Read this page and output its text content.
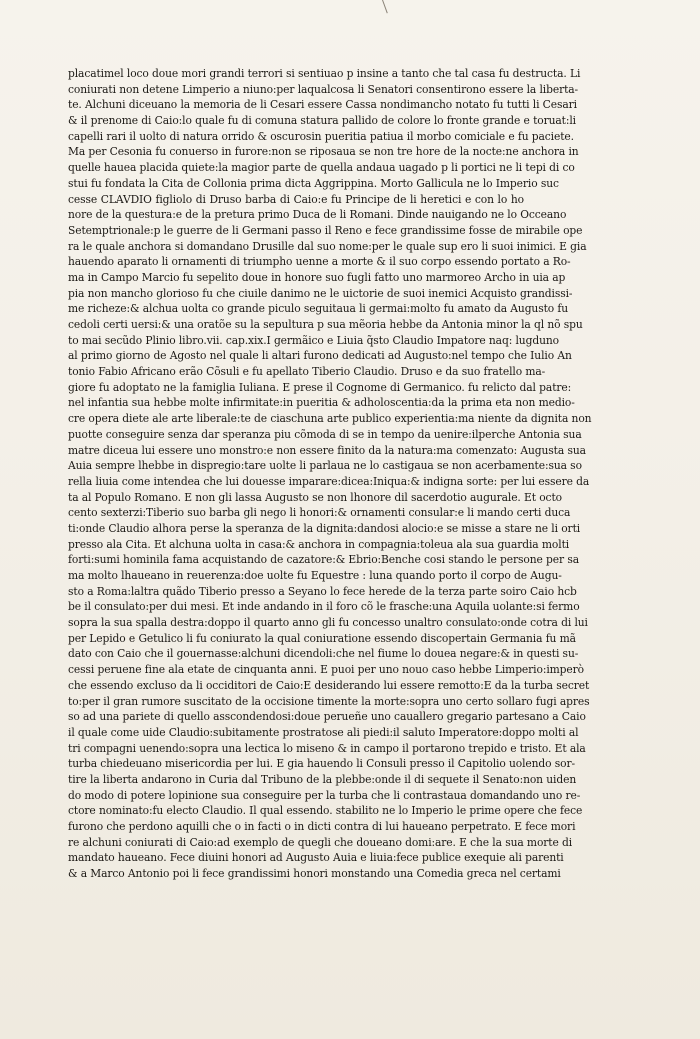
placatimel loco doue mori grandi terrori si sentiuao p insine a tanto che tal casa fu destructa. Li
coniurati non detene Limperio a niuno:per laqualcosa li Senatori consentirono essere la liberta-
te. Alchuni diceuano la memoria de li Cesari essere Cassa nondimancho notato fu tutti li Cesari
& il prenome di Caio:lo quale fu di comuna statura pallido de colore lo fronte grande e toruat:li
capelli rari il uolto di natura orrido & oscurosin pueritia patiua il morbo comiciale e fu paciete.
Ma per Cesonia fu conuerso in furore:non se riposaua se non tre hore de la nocte:ne anchora in
quelle hauea placida quiete:la magior parte de quella andaua uagado p li portici ne li tepi di co
stui fu fondata la Cita de Collonia prima dicta Aggrippina. Morto Gallicula ne lo Imperio suc
cesse CLAVDIO figliolo di Druso barba di Caio:e fu Principe de li heretici e con lo ho
nore de la questura:e de la pretura primo Duca de li Romani. Dinde nauigando ne lo Occeano
Setemptrionale:p le guerre de li Germani passo il Reno e fece grandissime fosse de mirabile ope
ra le quale anchora si domandano Drusille dal suo nome:per le quale sup ero li suoi inimici. E gia
hauendo aparato li ornamenti di triumpho uenne a morte & il suo corpo essendo portato a Ro-
ma in Campo Marcio fu sepelito doue in honore suo fugli fatto uno marmoreo Archo in uia ap
pia non mancho glorioso fu che ciuile danimo ne le uictorie de suoi inemici Acquisto grandissi-
me richeze:& alchua uolta co grande piculo seguitaua li germai:molto fu amato da Augusto fu
cedoli certi uersi:& una oratõe su la sepultura p sua mẽoria hebbe da Antonia minor la ql nõ spu
to mai secũdo Plinio libro.vii. cap.xix.I germãico e Liuia q̃sto Claudio Impatore naq: lugduno
al primo giorno de Agosto nel quale li altari furono dedicati ad Augusto:nel tempo che Iulio An
tonio Fabio Africano erão Cõsuli e fu apellato Tiberio Claudio. Druso e da suo fratello ma-
giore fu adoptato ne la famiglia Iuliana. E prese il Cognome di Germanico. fu relicto dal patre:
nel infantia sua hebbe molte infirmitate:in pueritia & adholoscentia:da la prima eta non medio-
cre opera diete ale arte liberale:te de ciaschuna arte publico experientia:ma niente da dignita non
puotte conseguire senza dar speranza piu cõmoda di se in tempo da uenire:ilperche Antonia sua
matre diceua lui essere uno monstro:e non essere finito da la natura:ma comenzato: Augusta sua
Auia sempre lhebbe in dispregio:tare uolte li parlaua ne lo castigaua se non acerbamente:sua so
rella liuia come intendea che lui douesse imparare:dicea:Iniqua:& indigna sorte: per lui essere da
ta al Populo Romano. E non gli lassa Augusto se non lhonore dil sacerdotio augurale. Et octo
cento sexterzi:Tiberio suo barba gli nego li honori:& ornamenti consular:e li mando certi duca
ti:onde Claudio alhora perse la speranza de la dignita:dandosi alocio:e se misse a stare ne li orti
presso ala Cita. Et alchuna uolta in casa:& anchora in compagnia:toleua ala sua guardia molti
forti:sumi hominila fama acquistando de cazatore:& Ebrio:Benche cosi stando le persone per sa
ma molto lhaueano in reuerenza:doe uolte fu Equestre : luna quando porto il corpo de Augu-
sto a Roma:laltra quãdo Tiberio presso a Seyano lo fece herede de la terza parte soiro Caio hcb
be il consulato:per dui mesi. Et inde andando in il foro cõ le frasche:una Aquila uolante:si fermo
sopra la sua spalla destra:doppo il quarto anno gli fu concesso unaltro consulato:onde cotra di lui
per Lepido e Getulico li fu coniurato la qual coniuratione essendo discopertain Germania fu mã
dato con Caio che il gouernasse:alchuni dicendoli:che nel fiume lo douea negare:& in questi su-
cessi peruene fine ala etate de cinquanta anni. E puoi per uno nouo caso hebbe Limperio:imperò
che essendo excluso da li occiditori de Caio:E desiderando lui essere remotto:E da la turba secret
to:per il gran rumore suscitato de la occisione timente la morte:sopra uno certo sollaro fugi apres
so ad una pariete di quello asscondendosi:doue perueñe uno cauallero gregario partesano a Caio
il quale come uide Claudio:subitamente prostratose ali piedi:il saluto Imperatore:doppo molti al
tri compagni uenendo:sopra una lectica lo miseno & in campo il portarono trepido e tristo. Et ala
turba chiedeuano misericordia per lui. E gia hauendo li Consuli presso il Capitolio uolendo sor-
tire la liberta andarono in Curia dal Tribuno de la plebbe:onde il di sequete il Senato:non uiden
do modo di potere lopinione sua conseguire per la turba che li contrastaua domandando uno re-
ctore nominato:fu electo Claudio. Il qual essendo. stabilito ne lo Imperio le prime opere che fece
furono che perdono aquilli che o in facti o in dicti contra di lui haueano perpetrato. E fece mori
re alchuni coniurati di Caio:ad exemplo de quegli che doueano domi:are. E che la sua morte di
mandato haueano. Fece diuini honori ad Augusto Auia e liuia:fece publice exequie ali parenti
& a Marco Antonio poi li fece grandissimi honori monstando una Comedia greca nel certami
